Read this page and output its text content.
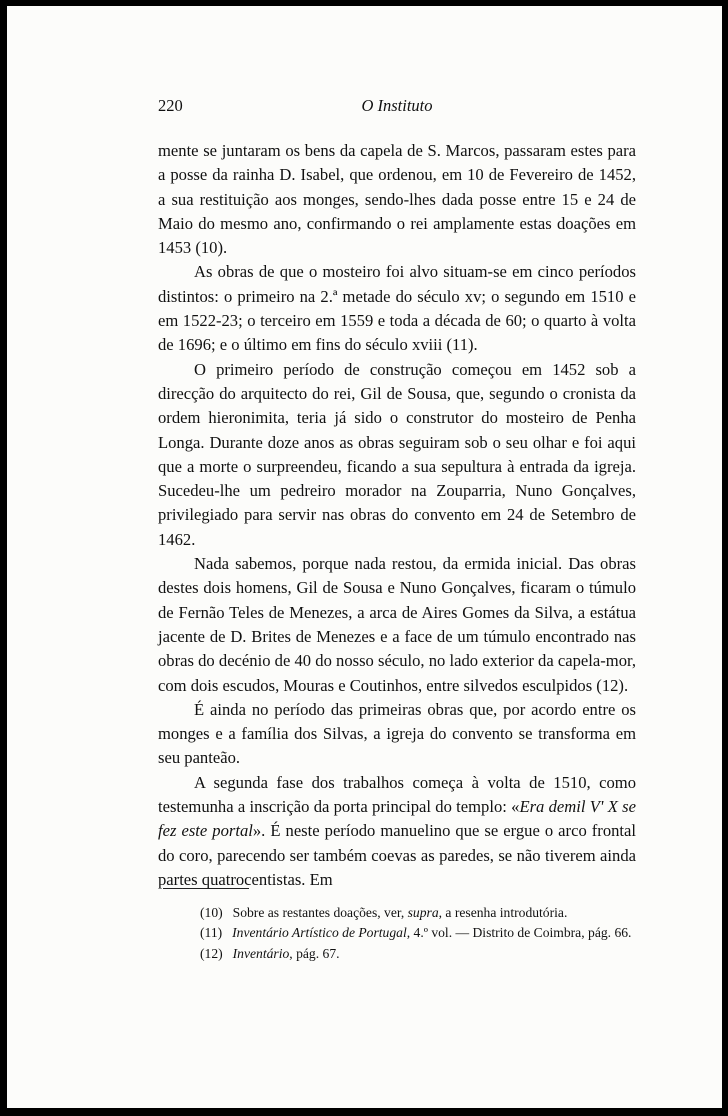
220	O Instituto

mente se juntaram os bens da capela de S. Marcos, passaram estes para a posse da rainha D. Isabel, que ordenou, em 10 de Fevereiro de 1452, a sua restituição aos monges, sendo-lhes dada posse entre 15 e 24 de Maio do mesmo ano, confirmando o rei amplamente estas doações em 1453 (10).

As obras de que o mosteiro foi alvo situam-se em cinco períodos distintos: o primeiro na 2.ª metade do século xv; o segundo em 1510 e em 1522-23; o terceiro em 1559 e toda a década de 60; o quarto à volta de 1696; e o último em fins do século xviii (11).

O primeiro período de construção começou em 1452 sob a direcção do arquitecto do rei, Gil de Sousa, que, segundo o cronista da ordem hieronimita, teria já sido o construtor do mosteiro de Penha Longa. Durante doze anos as obras seguiram sob o seu olhar e foi aqui que a morte o surpreendeu, ficando a sua sepultura à entrada da igreja. Sucedeu-lhe um pedreiro morador na Zouparria, Nuno Gonçalves, privilegiado para servir nas obras do convento em 24 de Setembro de 1462.

Nada sabemos, porque nada restou, da ermida inicial. Das obras destes dois homens, Gil de Sousa e Nuno Gonçalves, ficaram o túmulo de Fernão Teles de Menezes, a arca de Aires Gomes da Silva, a estátua jacente de D. Brites de Menezes e a face de um túmulo encontrado nas obras do decénio de 40 do nosso século, no lado exterior da capela-mor, com dois escudos, Mouras e Coutinhos, entre silvedos esculpidos (12).

É ainda no período das primeiras obras que, por acordo entre os monges e a família dos Silvas, a igreja do convento se transforma em seu panteão.

A segunda fase dos trabalhos começa à volta de 1510, como testemunha a inscrição da porta principal do templo: «Era demil V' X se fez este portal». É neste período manuelino que se ergue o arco frontal do coro, parecendo ser também coevas as paredes, se não tiverem ainda partes quatrocentistas. Em

(10) Sobre as restantes doações, ver, supra, a resenha introdutória.

(11) Inventário Artístico de Portugal, 4.º vol. — Distrito de Coimbra, pág. 66.

(12) Inventário, pág. 67.
